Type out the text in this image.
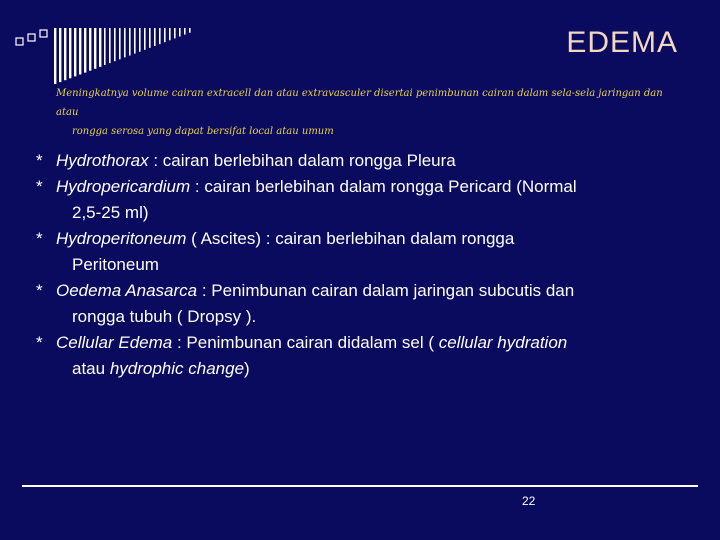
EDEMA
Meningkatnya volume cairan extracell dan atau extravasculer disertai penimbunan cairan dalam sela-sela jaringan dan atau
rongga serosa yang dapat bersifat local atau umum
* Hydrothorax : cairan berlebihan dalam rongga Pleura
* Hydropericardium : cairan berlebihan dalam rongga Pericard (Normal
2,5-25 ml)
* Hydroperitoneum ( Ascites) : cairan berlebihan dalam rongga
Peritoneum
* Oedema Anasarca : Penimbunan cairan dalam jaringan subcutis dan
rongga tubuh ( Dropsy ).
* Cellular Edema : Penimbunan cairan didalam sel ( cellular hydration
atau hydrophic change)
22
